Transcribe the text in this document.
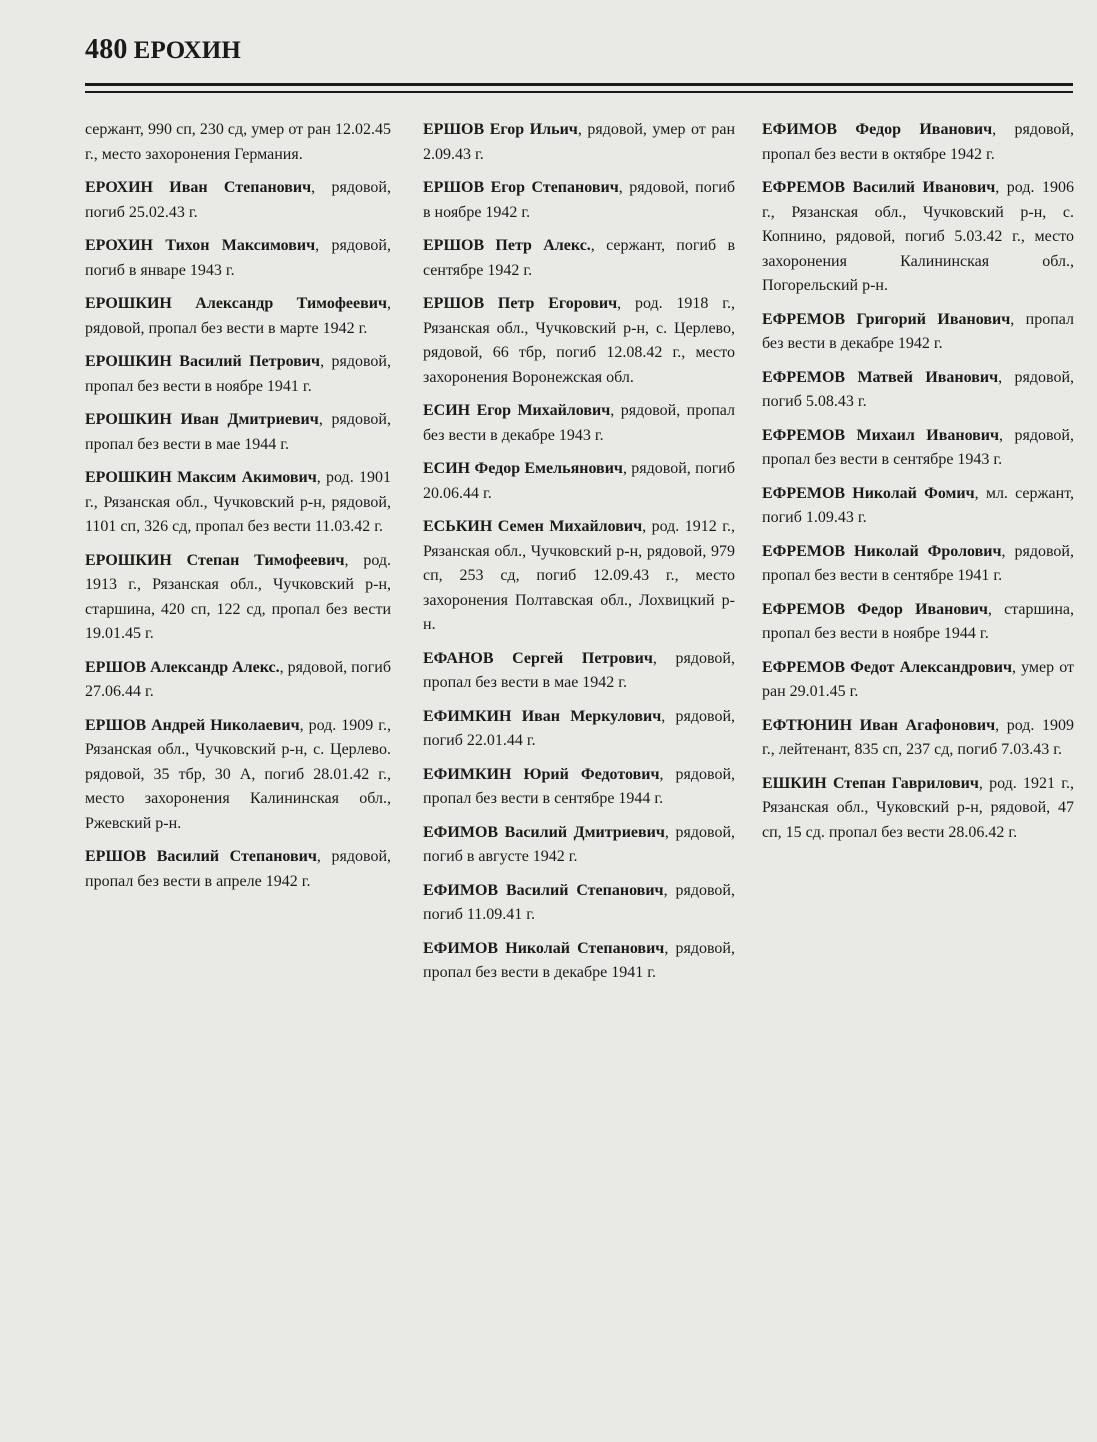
480 ЕРОХИН

сержант, 990 сп, 230 сд, умер от ран 12.02.45 г., место захоронения Германия.

ЕРОХИН Иван Степанович, рядовой, погиб 25.02.43 г.

ЕРОХИН Тихон Максимович, рядовой, погиб в январе 1943 г.

ЕРОШКИН Александр Тимофеевич, рядовой, пропал без вести в марте 1942 г.

ЕРОШКИН Василий Петрович, рядовой, пропал без вести в ноябре 1941 г.

ЕРОШКИН Иван Дмитриевич, рядовой, пропал без вести в мае 1944 г.

ЕРОШКИН Максим Акимович, род. 1901 г., Рязанская обл., Чучковский р-н, рядовой, 1101 сп, 326 сд, пропал без вести 11.03.42 г.

ЕРОШКИН Степан Тимофеевич, род. 1913 г., Рязанская обл., Чучковский р-н, старшина, 420 сп, 122 сд, пропал без вести 19.01.45 г.

ЕРШОВ Александр Алекс., рядовой, погиб 27.06.44 г.

ЕРШОВ Андрей Николаевич, род. 1909 г., Рязанская обл., Чучковский р-н, с. Церлево. рядовой, 35 тбр, 30 А, погиб 28.01.42 г., место захоронения Калининская обл., Ржевский р-н.

ЕРШОВ Василий Степанович, рядовой, пропал без вести в апреле 1942 г.

ЕРШОВ Егор Ильич, рядовой, умер от ран 2.09.43 г.

ЕРШОВ Егор Степанович, рядовой, погиб в ноябре 1942 г.

ЕРШОВ Петр Алекс., сержант, погиб в сентябре 1942 г.

ЕРШОВ Петр Егорович, род. 1918 г., Рязанская обл., Чучковский р-н, с. Церлево, рядовой, 66 тбр, погиб 12.08.42 г., место захоронения Воронежская обл.

ЕСИН Егор Михайлович, рядовой, пропал без вести в декабре 1943 г.

ЕСИН Федор Емельянович, рядовой, погиб 20.06.44 г.

ЕСЬКИН Семен Михайлович, род. 1912 г., Рязанская обл., Чучковский р-н, рядовой, 979 сп, 253 сд, погиб 12.09.43 г., место захоронения Полтавская обл., Лохвицкий р-н.

ЕФАНОВ Сергей Петрович, рядовой, пропал без вести в мае 1942 г.

ЕФИМКИН Иван Меркулович, рядовой, погиб 22.01.44 г.

ЕФИМКИН Юрий Федотович, рядовой, пропал без вести в сентябре 1944 г.

ЕФИМОВ Василий Дмитриевич, рядовой, погиб в августе 1942 г.

ЕФИМОВ Василий Степанович, рядовой, погиб 11.09.41 г.

ЕФИМОВ Николай Степанович, рядовой, пропал без вести в декабре 1941 г.

ЕФИМОВ Федор Иванович, рядовой, пропал без вести в октябре 1942 г.

ЕФРЕМОВ Василий Иванович, род. 1906 г., Рязанская обл., Чучковский р-н, с. Копнино, рядовой, погиб 5.03.42 г., место захоронения Калининская обл., Погорельский р-н.

ЕФРЕМОВ Григорий Иванович, пропал без вести в декабре 1942 г.

ЕФРЕМОВ Матвей Иванович, рядовой, погиб 5.08.43 г.

ЕФРЕМОВ Михаил Иванович, рядовой, пропал без вести в сентябре 1943 г.

ЕФРЕМОВ Николай Фомич, мл. сержант, погиб 1.09.43 г.

ЕФРЕМОВ Николай Фролович, рядовой, пропал без вести в сентябре 1941 г.

ЕФРЕМОВ Федор Иванович, старшина, пропал без вести в ноябре 1944 г.

ЕФРЕМОВ Федот Александрович, умер от ран 29.01.45 г.

ЕФТЮНИН Иван Агафонович, род. 1909 г., лейтенант, 835 сп, 237 сд, погиб 7.03.43 г.

ЕШКИН Степан Гаврилович, род. 1921 г., Рязанская обл., Чуковский р-н, рядовой, 47 сп, 15 сд. пропал без вести 28.06.42 г.
